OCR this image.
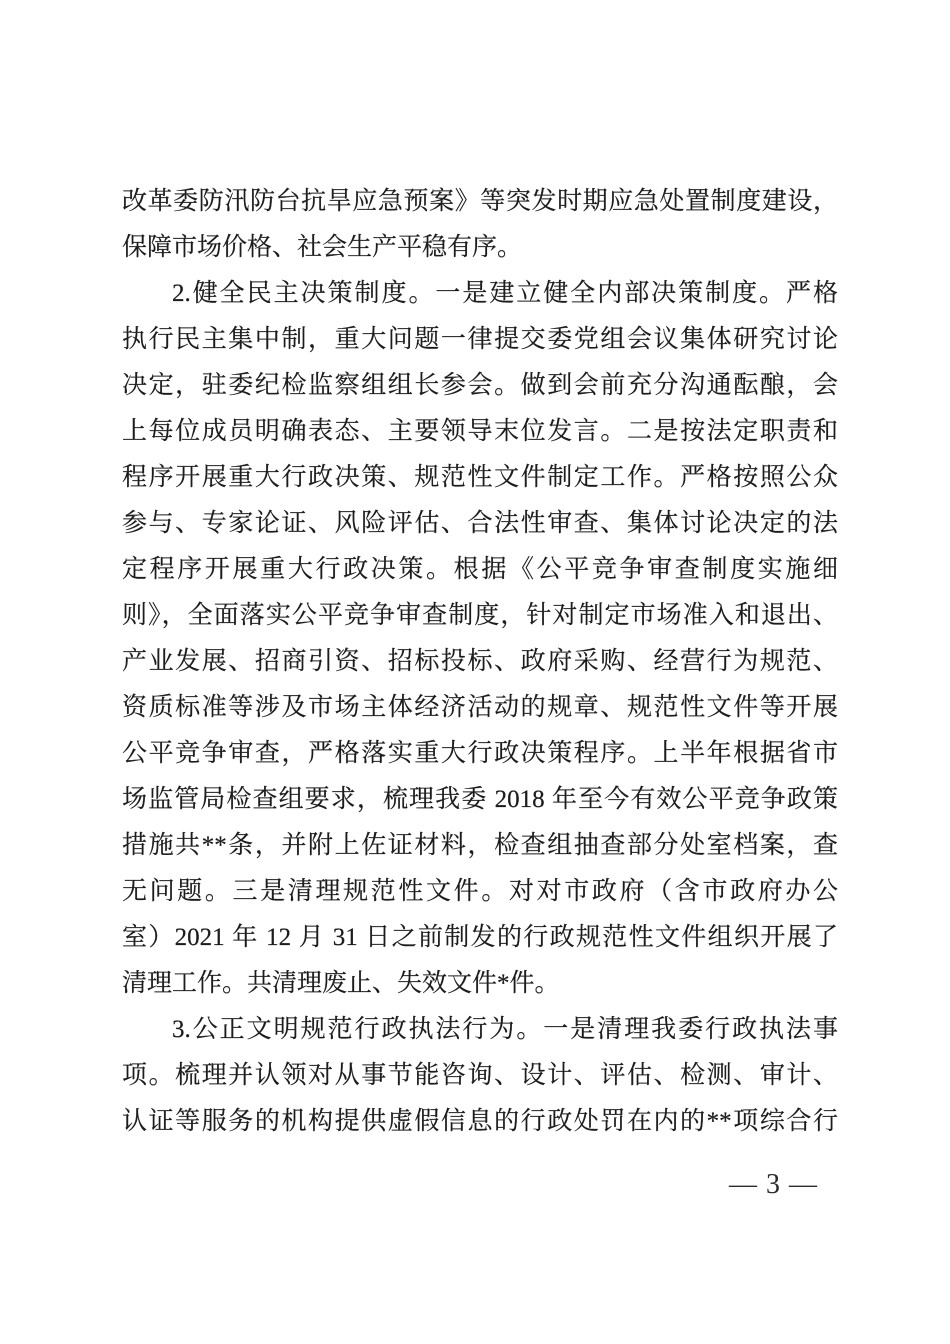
改革委防汛防台抗旱应急预案》等突发时期应急处置制度建设，
保障市场价格、社会生产平稳有序。
2.健全民主决策制度。一是建立健全内部决策制度。严格
执行民主集中制，重大问题一律提交委党组会议集体研究讨论
决定，驻委纪检监察组组长参会。做到会前充分沟通酝酿，会
上每位成员明确表态、主要领导末位发言。二是按法定职责和
程序开展重大行政决策、规范性文件制定工作。严格按照公众
参与、专家论证、风险评估、合法性审查、集体讨论决定的法
定程序开展重大行政决策。根据《公平竞争审查制度实施细
则》，全面落实公平竞争审查制度，针对制定市场准入和退出、
产业发展、招商引资、招标投标、政府采购、经营行为规范、
资质标准等涉及市场主体经济活动的规章、规范性文件等开展
公平竞争审查，严格落实重大行政决策程序。上半年根据省市
场监管局检查组要求，梳理我委 2018 年至今有效公平竞争政策
措施共**条，并附上佐证材料，检查组抽查部分处室档案，查
无问题。三是清理规范性文件。对对市政府（含市政府办公
室）2021 年 12 月 31 日之前制发的行政规范性文件组织开展了
清理工作。共清理废止、失效文件*件。
3.公正文明规范行政执法行为。一是清理我委行政执法事
项。梳理并认领对从事节能咨询、设计、评估、检测、审计、
认证等服务的机构提供虚假信息的行政处罚在内的**项综合行
— 3 —
